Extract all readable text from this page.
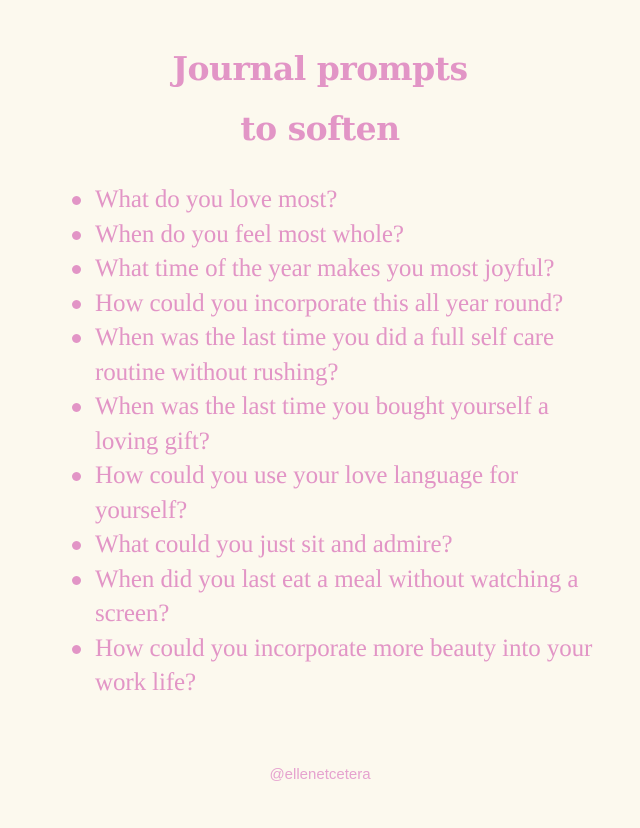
Journal prompts
to soften
What do you love most?
When do you feel most whole?
What time of the year makes you most joyful?
How could you incorporate this all year round?
When was the last time you did a full self care routine without rushing?
When was the last time you bought yourself a loving gift?
How could you use your love language for yourself?
What could you just sit and admire?
When did you last eat a meal without watching a screen?
How could you incorporate more beauty into your work life?
@ellenetcetera
